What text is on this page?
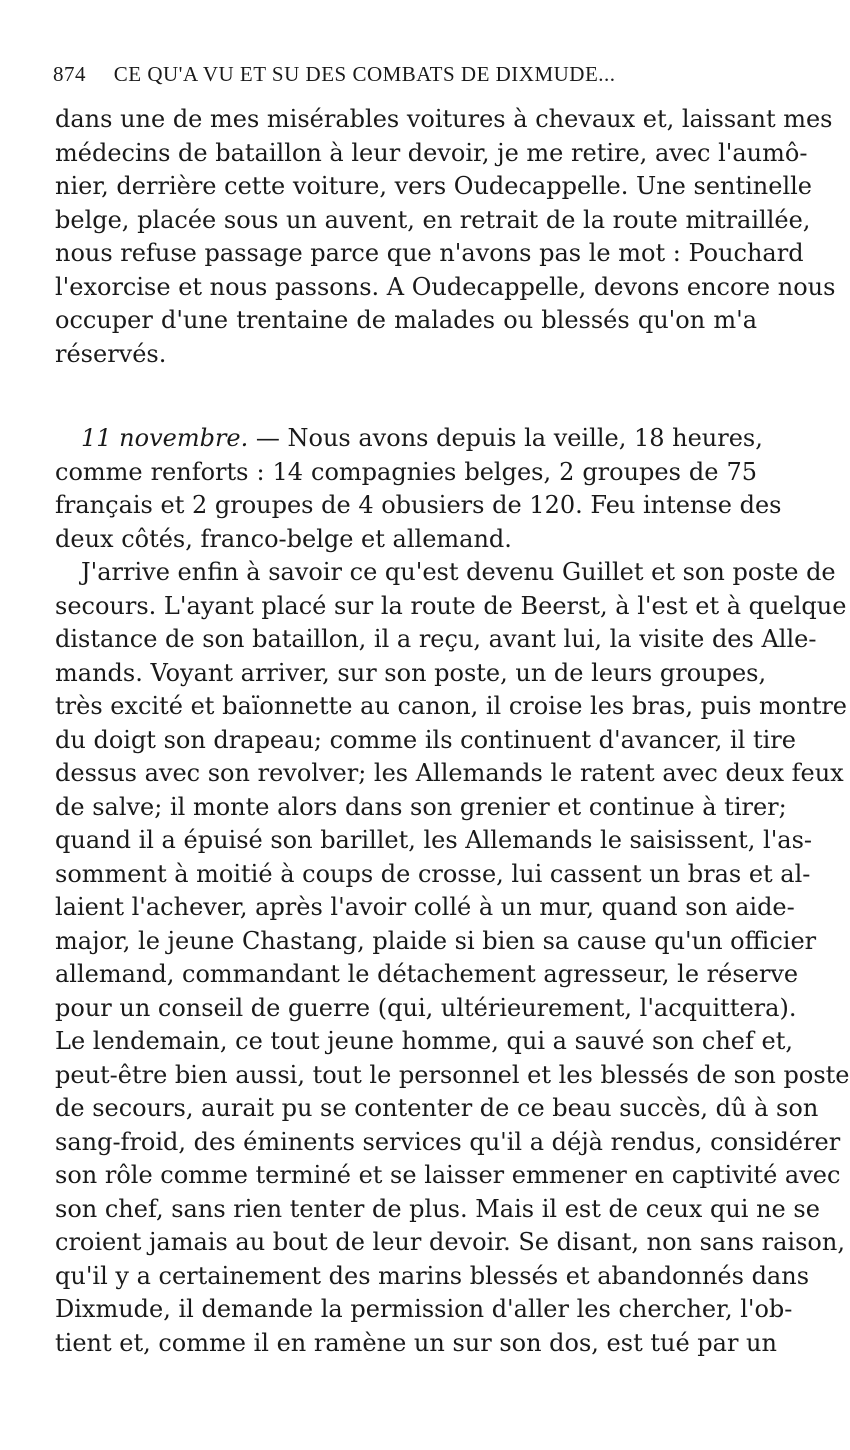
874 CE QU'A VU ET SU DES COMBATS DE DIXMUDE...
dans une de mes misérables voitures à chevaux et, laissant mes
médecins de bataillon à leur devoir, je me retire, avec l'aumô-
nier, derrière cette voiture, vers Oudecappelle. Une sentinelle
belge, placée sous un auvent, en retrait de la route mitraillée,
nous refuse passage parce que n'avons pas le mot : Pouchard
l'exorcise et nous passons. A Oudecappelle, devons encore nous
occuper d'une trentaine de malades ou blessés qu'on m'a
réservés.
11 novembre. — Nous avons depuis la veille, 18 heures,
comme renforts : 14 compagnies belges, 2 groupes de 75
français et 2 groupes de 4 obusiers de 120. Feu intense des
deux côtés, franco-belge et allemand.
J'arrive enfin à savoir ce qu'est devenu Guillet et son poste de
secours. L'ayant placé sur la route de Beerst, à l'est et à quelque
distance de son bataillon, il a reçu, avant lui, la visite des Alle-
mands. Voyant arriver, sur son poste, un de leurs groupes,
très excité et baïonnette au canon, il croise les bras, puis montre
du doigt son drapeau; comme ils continuent d'avancer, il tire
dessus avec son revolver; les Allemands le ratent avec deux feux
de salve; il monte alors dans son grenier et continue à tirer;
quand il a épuisé son barillet, les Allemands le saisissent, l'as-
somment à moitié à coups de crosse, lui cassent un bras et al-
laient l'achever, après l'avoir collé à un mur, quand son aide-
major, le jeune Chastang, plaide si bien sa cause qu'un officier
allemand, commandant le détachement agresseur, le réserve
pour un conseil de guerre (qui, ultérieurement, l'acquittera).
Le lendemain, ce tout jeune homme, qui a sauvé son chef et,
peut-être bien aussi, tout le personnel et les blessés de son poste
de secours, aurait pu se contenter de ce beau succès, dû à son
sang-froid, des éminents services qu'il a déjà rendus, considérer
son rôle comme terminé et se laisser emmener en captivité avec
son chef, sans rien tenter de plus. Mais il est de ceux qui ne se
croient jamais au bout de leur devoir. Se disant, non sans raison,
qu'il y a certainement des marins blessés et abandonnés dans
Dixmude, il demande la permission d'aller les chercher, l'ob-
tient et, comme il en ramène un sur son dos, est tué par un
